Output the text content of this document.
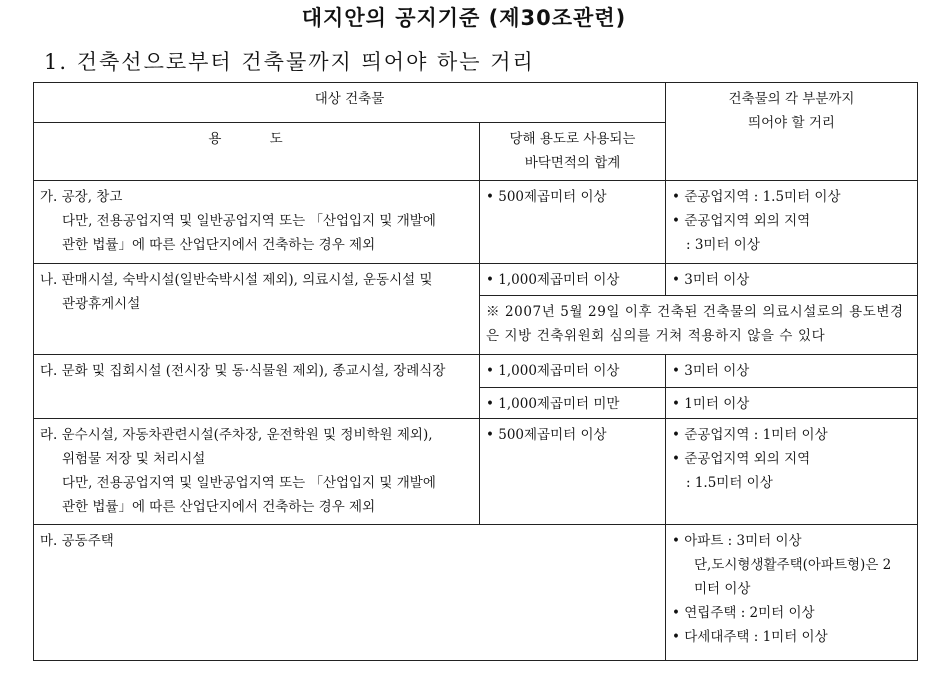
대지안의 공지기준 (제30조관련)
1. 건축선으로부터 건축물까지 띄어야 하는 거리
대상 건축물		건축물의 각 부분까지
띄어야 할 거리

용 도	당해 용도로 사용되는
바닥면적의 합계	

가. 공장, 창고
다만, 전용공업지역 및 일반공업지역 또는 「산업입지 및 개발에
관한 법률」에 따른 산업단지에서 건축하는 경우 제외	• 500제곱미터 이상	• 준공업지역 : 1.5미터 이상
• 준공업지역 외의 지역
: 3미터 이상

나. 판매시설, 숙박시설(일반숙박시설 제외), 의료시설, 운동시설 및
관광휴게시설	• 1,000제곱미터 이상	• 3미터 이상

	※ 2007년 5월 29일 이후 건축된 건축물의 의료시설로의 용도변경
은 지방 건축위원회 심의를 거쳐 적용하지 않을 수 있다	

다. 문화 및 집회시설 (전시장 및 동·식물원 제외), 종교시설, 장례식장	• 1,000제곱미터 이상	• 3미터 이상

	• 1,000제곱미터 미만	• 1미터 이상

라. 운수시설, 자동차관련시설(주차장, 운전학원 및 정비학원 제외),
위험물 저장 및 처리시설
다만, 전용공업지역 및 일반공업지역 또는 「산업입지 및 개발에
관한 법률」에 따른 산업단지에서 건축하는 경우 제외	• 500제곱미터 이상	• 준공업지역 : 1미터 이상
• 준공업지역 외의 지역
: 1.5미터 이상

마. 공동주택		• 아파트 : 3미터 이상
단,도시형생활주택(아파트형)은 2
미터 이상
• 연립주택 : 2미터 이상
• 다세대주택 : 1미터 이상
